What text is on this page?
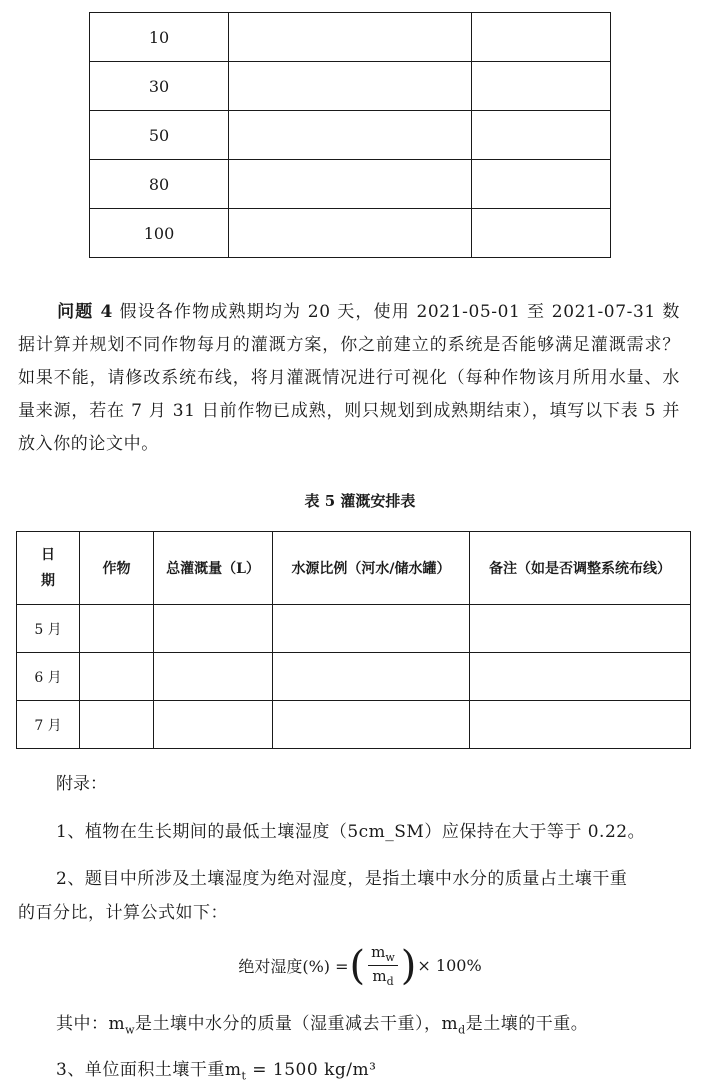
10		
30		
50		
80		
100		
问题 4 假设各作物成熟期均为 20 天，使用 2021-05-01 至 2021-07-31 数据计算并规划不同作物每月的灌溉方案，你之前建立的系统是否能够满足灌溉需求？如果不能，请修改系统布线，将月灌溉情况进行可视化（每种作物该月所用水量、水量来源，若在 7 月 31 日前作物已成熟，则只规划到成熟期结束），填写以下表 5 并放入你的论文中。
表 5 灌溉安排表
日期	作物	总灌溉量（L）	水源比例（河水/储水罐）	备注（如是否调整系统布线）
5 月				
6 月				
7 月				
附录：
1、植物在生长期间的最低土壤湿度（5cm_SM）应保持在大于等于 0.22。
2、题目中所涉及土壤湿度为绝对湿度，是指土壤中水分的质量占土壤干重
的百分比，计算公式如下：
绝对湿度(%) = ( $\frac{m_w}{m_d}$ ) × 100%
其中：$m_w$是土壤中水分的质量（湿重减去干重），$m_d$是土壤的干重。
3、单位面积土壤干重$m_t = 1500$ kg/m³
